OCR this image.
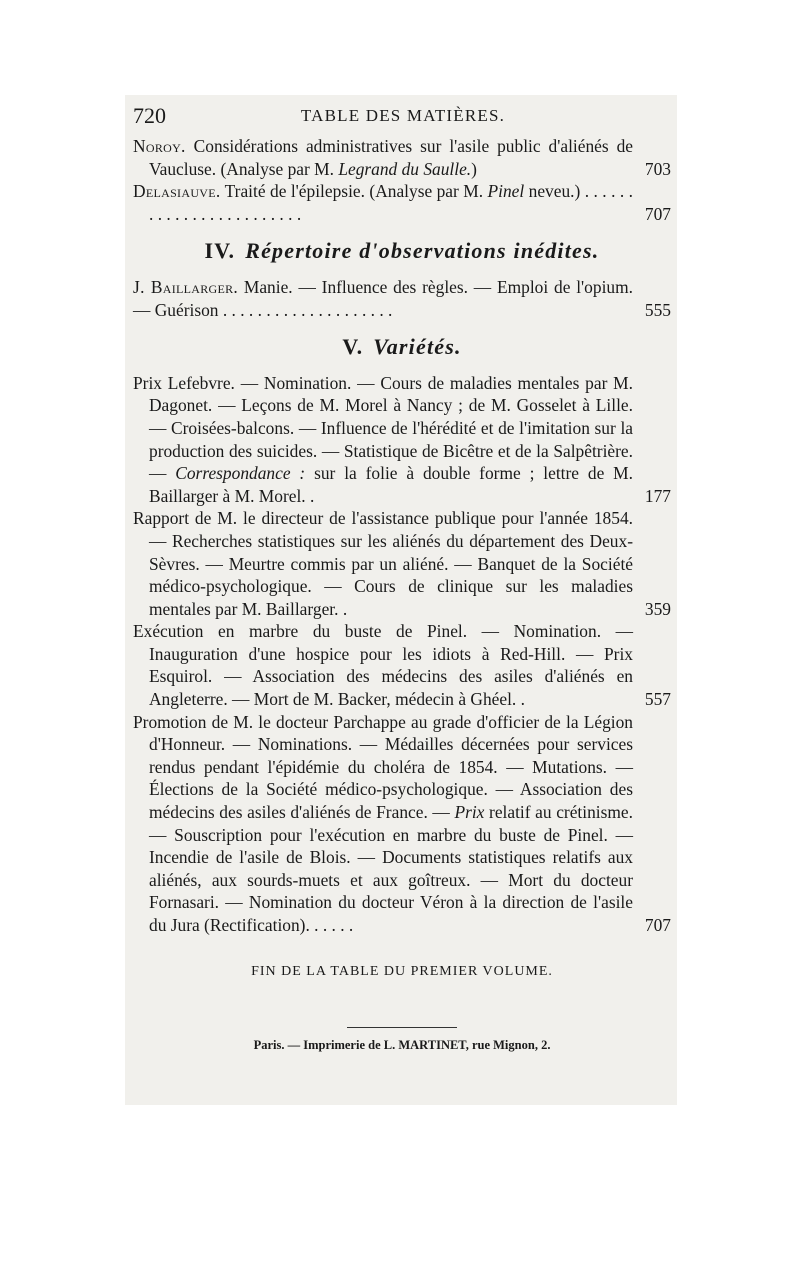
720	TABLE DES MATIÈRES.
Noroy. Considérations administratives sur l'asile public d'aliénés de Vaucluse. (Analyse par M. Legrand du Saulle.)	703
Delasiauve. Traité de l'épilepsie. (Analyse par M. Pinel neveu.) . . . . . . . . . . . . . . . . . . . . . . . .	707
IV. Répertoire d'observations inédites.
J. Baillarger. Manie. — Influence des règles. — Emploi de l'opium. — Guérison . . . . . . . . . . . . . . . . . . . .	555
V. Variétés.
Prix Lefebvre. — Nomination. — Cours de maladies mentales par M. Dagonet. — Leçons de M. Morel à Nancy ; de M. Gosselet à Lille. — Croisées-balcons. — Influence de l'hérédité et de l'imitation sur la production des suicides. — Statistique de Bicêtre et de la Salpêtrière. — Correspondance : sur la folie à double forme ; lettre de M. Baillarger à M. Morel. .	177
Rapport de M. le directeur de l'assistance publique pour l'année 1854. — Recherches statistiques sur les aliénés du département des Deux-Sèvres. — Meurtre commis par un aliéné. — Banquet de la Société médico-psychologique. — Cours de clinique sur les maladies mentales par M. Baillarger. .	359
Exécution en marbre du buste de Pinel. — Nomination. — Inauguration d'une hospice pour les idiots à Red-Hill. — Prix Esquirol. — Association des médecins des asiles d'aliénés en Angleterre. — Mort de M. Backer, médecin à Ghéel. .	557
Promotion de M. le docteur Parchappe au grade d'officier de la Légion d'Honneur. — Nominations. — Médailles décernées pour services rendus pendant l'épidémie du choléra de 1854. — Mutations. — Élections de la Société médico-psychologique. — Association des médecins des asiles d'aliénés de France. — Prix relatif au crétinisme. — Souscription pour l'exécution en marbre du buste de Pinel. — Incendie de l'asile de Blois. — Documents statistiques relatifs aux aliénés, aux sourds-muets et aux goîtreux. — Mort du docteur Fornasari. — Nomination du docteur Véron à la direction de l'asile du Jura (Rectification). . . . . .	707
FIN DE LA TABLE DU PREMIER VOLUME.
Paris. — Imprimerie de L. MARTINET, rue Mignon, 2.
